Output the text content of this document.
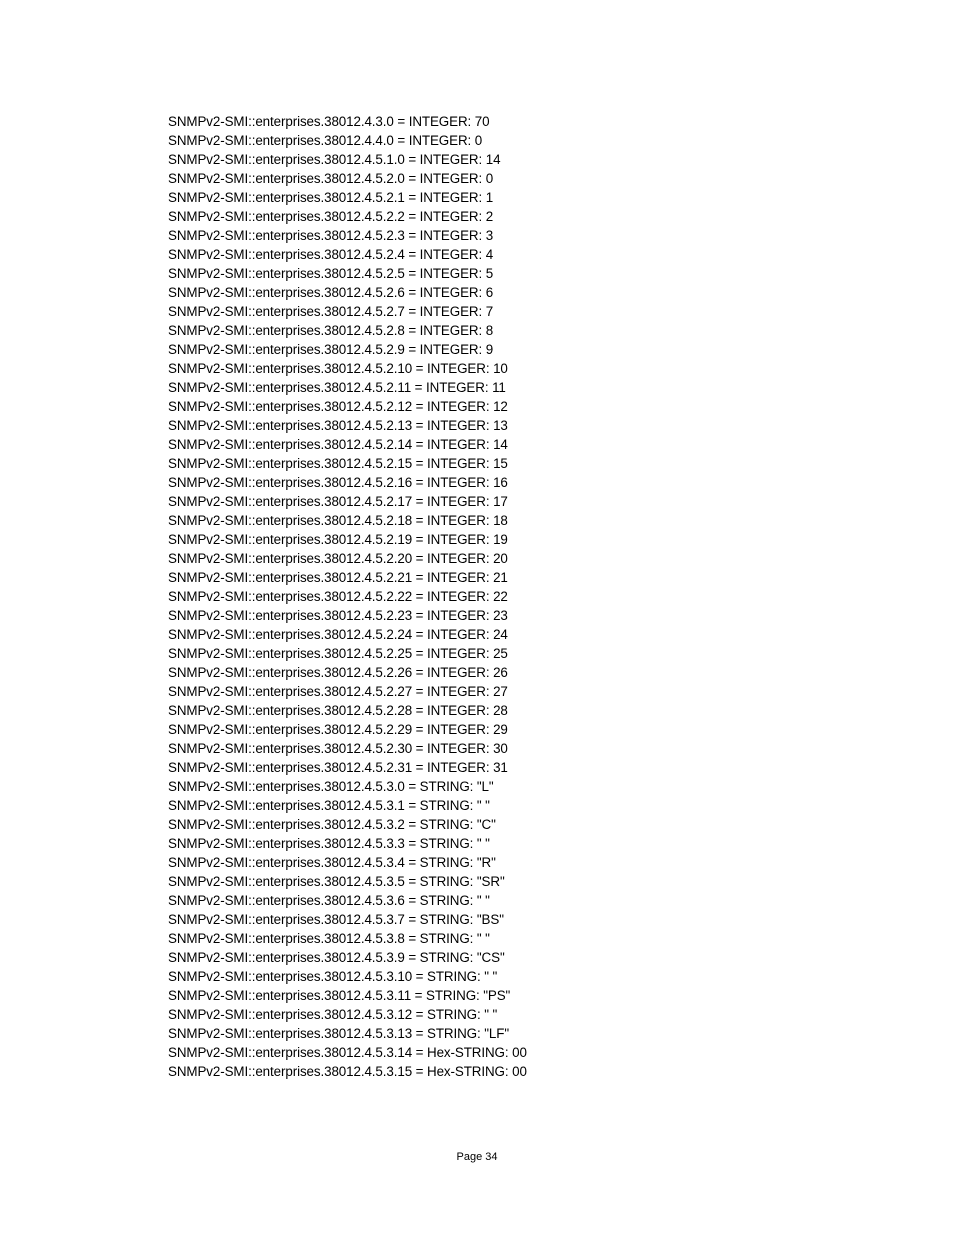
SNMPv2-SMI::enterprises.38012.4.3.0 = INTEGER: 70
SNMPv2-SMI::enterprises.38012.4.4.0 = INTEGER: 0
SNMPv2-SMI::enterprises.38012.4.5.1.0 = INTEGER: 14
SNMPv2-SMI::enterprises.38012.4.5.2.0 = INTEGER: 0
SNMPv2-SMI::enterprises.38012.4.5.2.1 = INTEGER: 1
SNMPv2-SMI::enterprises.38012.4.5.2.2 = INTEGER: 2
SNMPv2-SMI::enterprises.38012.4.5.2.3 = INTEGER: 3
SNMPv2-SMI::enterprises.38012.4.5.2.4 = INTEGER: 4
SNMPv2-SMI::enterprises.38012.4.5.2.5 = INTEGER: 5
SNMPv2-SMI::enterprises.38012.4.5.2.6 = INTEGER: 6
SNMPv2-SMI::enterprises.38012.4.5.2.7 = INTEGER: 7
SNMPv2-SMI::enterprises.38012.4.5.2.8 = INTEGER: 8
SNMPv2-SMI::enterprises.38012.4.5.2.9 = INTEGER: 9
SNMPv2-SMI::enterprises.38012.4.5.2.10 = INTEGER: 10
SNMPv2-SMI::enterprises.38012.4.5.2.11 = INTEGER: 11
SNMPv2-SMI::enterprises.38012.4.5.2.12 = INTEGER: 12
SNMPv2-SMI::enterprises.38012.4.5.2.13 = INTEGER: 13
SNMPv2-SMI::enterprises.38012.4.5.2.14 = INTEGER: 14
SNMPv2-SMI::enterprises.38012.4.5.2.15 = INTEGER: 15
SNMPv2-SMI::enterprises.38012.4.5.2.16 = INTEGER: 16
SNMPv2-SMI::enterprises.38012.4.5.2.17 = INTEGER: 17
SNMPv2-SMI::enterprises.38012.4.5.2.18 = INTEGER: 18
SNMPv2-SMI::enterprises.38012.4.5.2.19 = INTEGER: 19
SNMPv2-SMI::enterprises.38012.4.5.2.20 = INTEGER: 20
SNMPv2-SMI::enterprises.38012.4.5.2.21 = INTEGER: 21
SNMPv2-SMI::enterprises.38012.4.5.2.22 = INTEGER: 22
SNMPv2-SMI::enterprises.38012.4.5.2.23 = INTEGER: 23
SNMPv2-SMI::enterprises.38012.4.5.2.24 = INTEGER: 24
SNMPv2-SMI::enterprises.38012.4.5.2.25 = INTEGER: 25
SNMPv2-SMI::enterprises.38012.4.5.2.26 = INTEGER: 26
SNMPv2-SMI::enterprises.38012.4.5.2.27 = INTEGER: 27
SNMPv2-SMI::enterprises.38012.4.5.2.28 = INTEGER: 28
SNMPv2-SMI::enterprises.38012.4.5.2.29 = INTEGER: 29
SNMPv2-SMI::enterprises.38012.4.5.2.30 = INTEGER: 30
SNMPv2-SMI::enterprises.38012.4.5.2.31 = INTEGER: 31
SNMPv2-SMI::enterprises.38012.4.5.3.0 = STRING: "L"
SNMPv2-SMI::enterprises.38012.4.5.3.1 = STRING: " "
SNMPv2-SMI::enterprises.38012.4.5.3.2 = STRING: "C"
SNMPv2-SMI::enterprises.38012.4.5.3.3 = STRING: " "
SNMPv2-SMI::enterprises.38012.4.5.3.4 = STRING: "R"
SNMPv2-SMI::enterprises.38012.4.5.3.5 = STRING: "SR"
SNMPv2-SMI::enterprises.38012.4.5.3.6 = STRING: " "
SNMPv2-SMI::enterprises.38012.4.5.3.7 = STRING: "BS"
SNMPv2-SMI::enterprises.38012.4.5.3.8 = STRING: " "
SNMPv2-SMI::enterprises.38012.4.5.3.9 = STRING: "CS"
SNMPv2-SMI::enterprises.38012.4.5.3.10 = STRING: " "
SNMPv2-SMI::enterprises.38012.4.5.3.11 = STRING: "PS"
SNMPv2-SMI::enterprises.38012.4.5.3.12 = STRING: " "
SNMPv2-SMI::enterprises.38012.4.5.3.13 = STRING: "LF"
SNMPv2-SMI::enterprises.38012.4.5.3.14 = Hex-STRING: 00
SNMPv2-SMI::enterprises.38012.4.5.3.15 = Hex-STRING: 00
Page 34
